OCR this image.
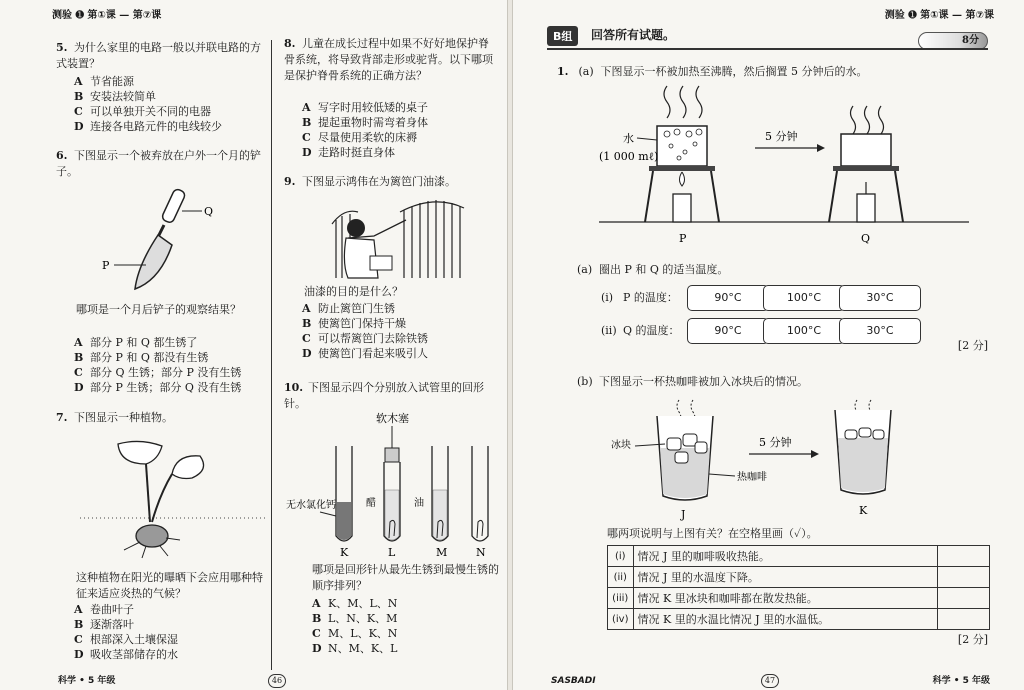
测验 ➊ 第①课 — 第⑦课
5. 为什么家里的电路一般以并联电路的方式装置？
A 节省能源
B 安装法较简单
C 可以单独开关不同的电器
D 连接各电路元件的电线较少
6. 下图显示一个被弃放在户外一个月的铲子。
Q
P
哪项是一个月后铲子的观察结果？
A 部分 P 和 Q 都生锈了
B 部分 P 和 Q 都没有生锈
C 部分 Q 生锈；部分 P 没有生锈
D 部分 P 生锈；部分 Q 没有生锈
7. 下图显示一种植物。
这种植物在阳光的曝晒下会应用哪种特征来适应炎热的气候？
A 卷曲叶子
B 逐渐落叶
C 根部深入土壤保湿
D 吸收茎部储存的水
8. 儿童在成长过程中如果不好好地保护脊骨系统，将导致背部走形或驼背。以下哪项是保护脊骨系统的正确方法？
A 写字时用较低矮的桌子
B 提起重物时需弯着身体
C 尽量使用柔软的床褥
D 走路时挺直身体
9. 下图显示鸿伟在为篱笆门油漆。
油漆的目的是什么？
A 防止篱笆门生锈
B 使篱笆门保持干燥
C 可以帮篱笆门去除铁锈
D 使篱笆门看起来吸引人
10. 下图显示四个分别放入试管里的回形针。
软木塞
无水氯化钙	醋	油
K	L	M	N
哪项是回形针从最先生锈到最慢生锈的顺序排列？
A K、M、L、N
B L、N、K、M
C M、L、K、N
D N、M、K、L
科学 • 5 年级	46
测验 ➊ 第①课 — 第⑦课
B组	回答所有试题。	8分
1. (a) 下图显示一杯被加热至沸腾，然后搁置 5 分钟后的水。
水
(1 000 mℓ)
P
5 分钟
Q
(a) 圈出 P 和 Q 的适当温度。
(i) P 的温度：	90°C	100°C	30°C
(ii) Q 的温度：	90°C	100°C	30°C
[2 分]
(b) 下图显示一杯热咖啡被加入冰块后的情况。
冰块
热咖啡
J
5 分钟
K
哪两项说明与上图有关？在空格里画（✓）。
(i)	情况 J 里的咖啡吸收热能。	
(ii)	情况 J 里的水温度下降。	
(iii)	情况 K 里冰块和咖啡都在散发热能。	
(iv)	情况 K 里的水温比情况 J 里的水温低。	
[2 分]
SASBADI	47	科学 • 5 年级
